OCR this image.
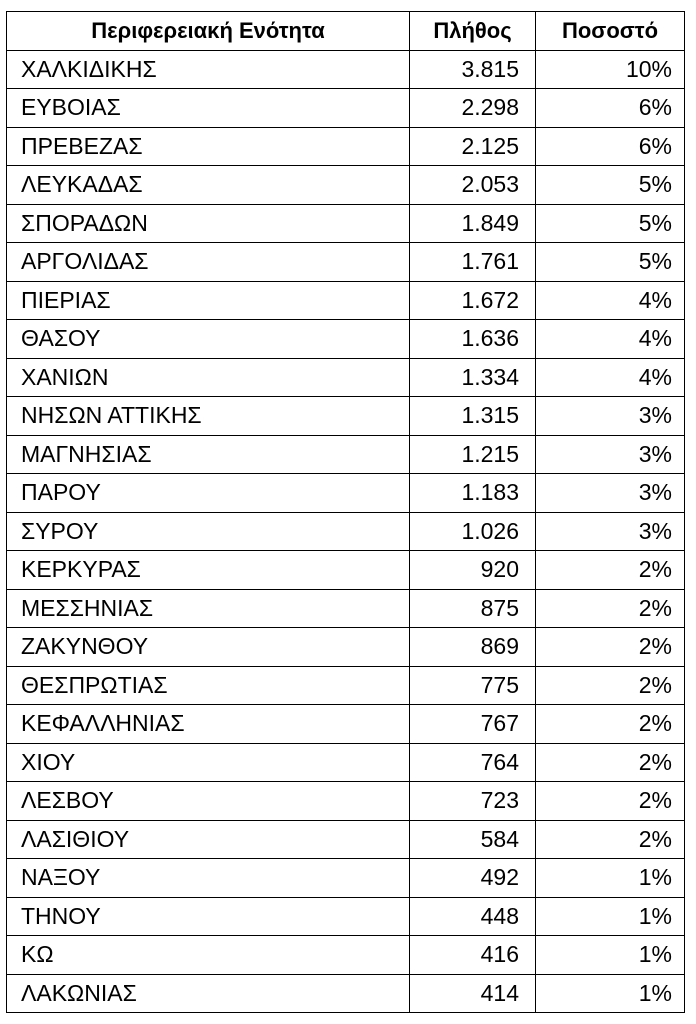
Περιφερειακή Ενότητα	Πλήθος	Ποσοστό
ΧΑΛΚΙΔΙΚΗΣ	3.815	10%
ΕΥΒΟΙΑΣ	2.298	6%
ΠΡΕΒΕΖΑΣ	2.125	6%
ΛΕΥΚΑΔΑΣ	2.053	5%
ΣΠΟΡΑΔΩΝ	1.849	5%
ΑΡΓΟΛΙΔΑΣ	1.761	5%
ΠΙΕΡΙΑΣ	1.672	4%
ΘΑΣΟΥ	1.636	4%
ΧΑΝΙΩΝ	1.334	4%
ΝΗΣΩΝ ΑΤΤΙΚΗΣ	1.315	3%
ΜΑΓΝΗΣΙΑΣ	1.215	3%
ΠΑΡΟΥ	1.183	3%
ΣΥΡΟΥ	1.026	3%
ΚΕΡΚΥΡΑΣ	920	2%
ΜΕΣΣΗΝΙΑΣ	875	2%
ΖΑΚΥΝΘΟΥ	869	2%
ΘΕΣΠΡΩΤΙΑΣ	775	2%
ΚΕΦΑΛΛΗΝΙΑΣ	767	2%
ΧΙΟΥ	764	2%
ΛΕΣΒΟΥ	723	2%
ΛΑΣΙΘΙΟΥ	584	2%
ΝΑΞΟΥ	492	1%
ΤΗΝΟΥ	448	1%
ΚΩ	416	1%
ΛΑΚΩΝΙΑΣ	414	1%
